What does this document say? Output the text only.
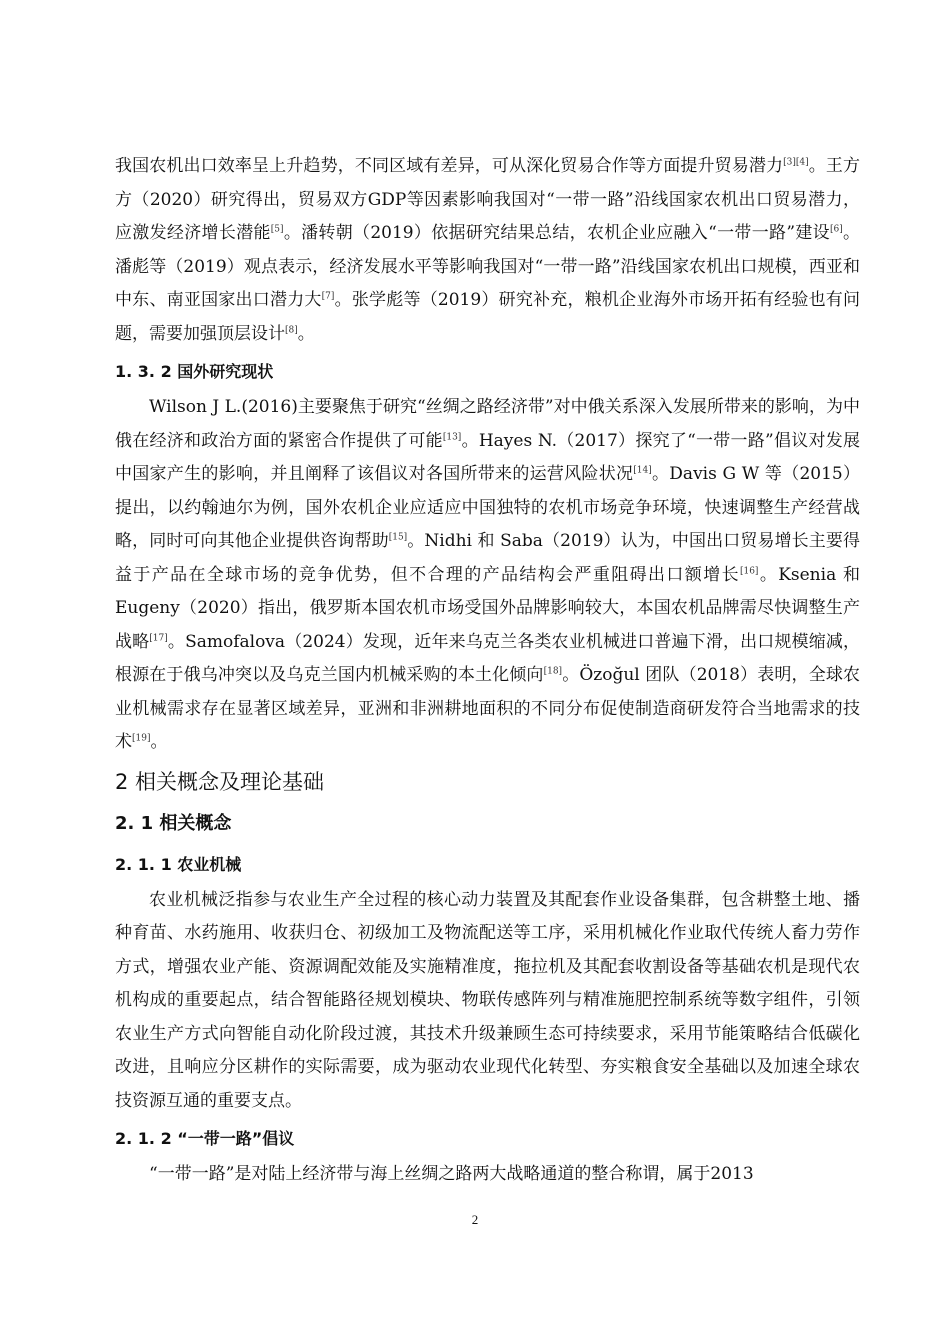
我国农机出口效率呈上升趋势，不同区域有差异，可从深化贸易合作等方面提升贸易潜力[3][4]。王方方（2020）研究得出，贸易双方GDP等因素影响我国对“一带一路”沿线国家农机出口贸易潜力，应激发经济增长潜能[5]。潘转朝（2019）依据研究结果总结，农机企业应融入“一带一路”建设[6]。潘彪等（2019）观点表示，经济发展水平等影响我国对“一带一路”沿线国家农机出口规模，西亚和中东、南亚国家出口潜力大[7]。张学彪等（2019）研究补充，粮机企业海外市场开拓有经验也有问题，需要加强顶层设计[8]。

1. 3. 2 国外研究现状

Wilson J L.(2016)主要聚焦于研究“丝绸之路经济带”对中俄关系深入发展所带来的影响，为中俄在经济和政治方面的紧密合作提供了可能[13]。Hayes N.（2017）探究了“一带一路”倡议对发展中国家产生的影响，并且阐释了该倡议对各国所带来的运营风险状况[14]。Davis G W 等（2015）提出，以约翰迪尔为例，国外农机企业应适应中国独特的农机市场竞争环境，快速调整生产经营战略，同时可向其他企业提供咨询帮助[15]。Nidhi 和 Saba（2019）认为，中国出口贸易增长主要得益于产品在全球市场的竞争优势，但不合理的产品结构会严重阻碍出口额增长[16]。Ksenia 和 Eugeny（2020）指出，俄罗斯本国农机市场受国外品牌影响较大，本国农机品牌需尽快调整生产战略[17]。Samofalova（2024）发现，近年来乌克兰各类农业机械进口普遍下滑，出口规模缩减，根源在于俄乌冲突以及乌克兰国内机械采购的本土化倾向[18]。Özoğul 团队（2018）表明，全球农业机械需求存在显著区域差异，亚洲和非洲耕地面积的不同分布促使制造商研发符合当地需求的技术[19]。

2 相关概念及理论基础
2. 1 相关概念
2. 1. 1 农业机械

农业机械泛指参与农业生产全过程的核心动力装置及其配套作业设备集群，包含耕整土地、播种育苗、水药施用、收获归仓、初级加工及物流配送等工序，采用机械化作业取代传统人畜力劳作方式，增强农业产能、资源调配效能及实施精准度，拖拉机及其配套收割设备等基础农机是现代农机构成的重要起点，结合智能路径规划模块、物联传感阵列与精准施肥控制系统等数字组件，引领农业生产方式向智能自动化阶段过渡，其技术升级兼顾生态可持续要求，采用节能策略结合低碳化改进，且响应分区耕作的实际需要，成为驱动农业现代化转型、夯实粮食安全基础以及加速全球农技资源互通的重要支点。

2. 1. 2 “一带一路”倡议

“一带一路”是对陆上经济带与海上丝绸之路两大战略通道的整合称谓，属于2013

2
